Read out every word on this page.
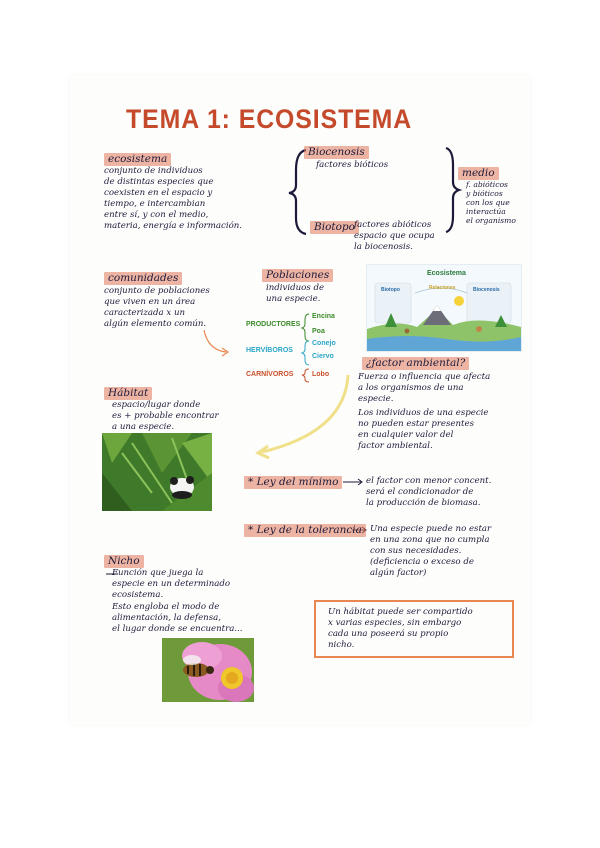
TEMA 1: ECOSISTEMA
ecosistema
conjunto de individuos
de distintas especies que
coexisten en el espacio y
tiempo, e intercambian
entre sí, y con el medio,
materia, energía e información.
Biocenosis
factores bióticos
Biotopo factores abióticos
espacio que ocupa
la biocenosis.
medio
f. abióticos
y bióticos
con los que
interactúa
el organismo
comunidades
conjunto de poblaciones
que viven en un área
caracterizada x un
algún elemento común.
Poblaciones
individuos de
una especie.
PRODUCTORES
Encina
Poa
HERVÍBOROS
Conejo
Ciervo
CARNÍVOROS	Lobo
Ecosistema
Biotopo	Relaciones	Biocenosis
¿factor ambiental?
Fuerza o influencia que afecta
a los organismos de una
especie.
Los individuos de una especie
no pueden estar presentes
en cualquier valor del
factor ambiental.
Hábitat
espacio/lugar donde
es + probable encontrar
a una especie.
* Ley del mínimo	el factor con menor concent.
será el condicionador de
la producción de biomasa.
* Ley de la tolerancia Una especie puede no estar
en una zona que no cumpla
con sus necesidades.
(deficiencia o exceso de
algún factor)
Nicho
Función que juega la
especie en un determinado
ecosistema.
Esto engloba el modo de
alimentación, la defensa,
el lugar donde se encuentra...
Un hábitat puede ser compartido
x varias especies, sin embargo
cada una poseerá su propio
nicho.
